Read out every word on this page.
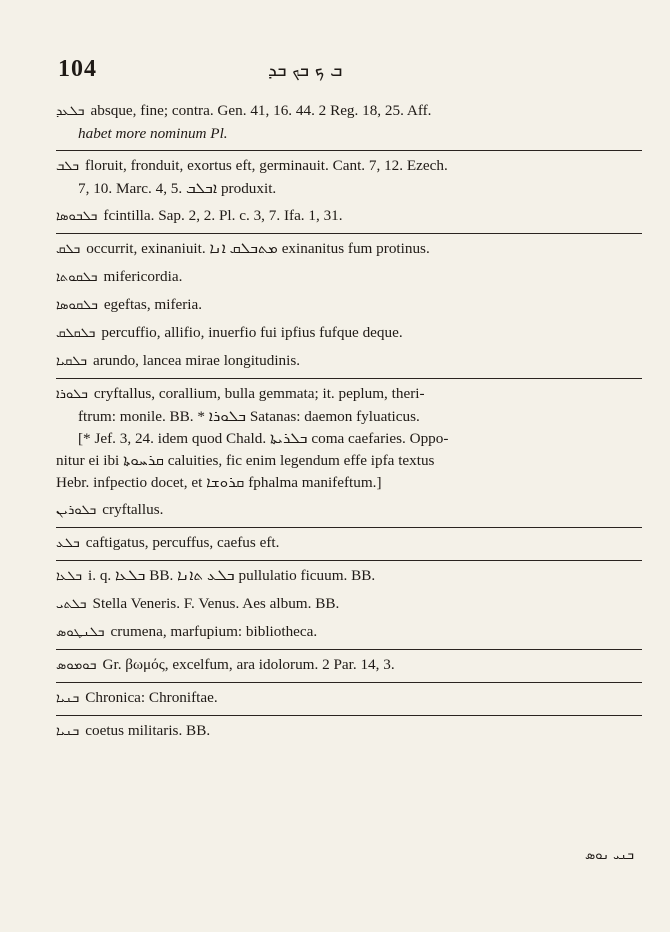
104	ܒ ܟ ܒܟ ܒܕ
ܒܠܥܕ absque, fine; contra. Gen. 41, 16. 44. 2 Reg. 18, 25. Aff.
habet more nominum Pl.
ܒܠܒ floruit, fronduit, exortus eft, germinauit. Cant. 7, 12. Ezech.
7, 10. Marc. 4, 5. ܐܒܠܒ produxit.
ܒܠܒܘܣܐ fcintilla. Sap. 2, 2. Pl. c. 3, 7. Ifa. 1, 31.
ܒܠܩ occurrit, exinaniuit. ܡܬܒܠܩ ܐܢܐ exinanitus fum protinus.
ܒܠܩܘܬܐ mifericordia.
ܒܠܩܘܣܐ egeftas, miferia.
ܒܠܩܠܩ percuffio, allifio, inuerfio fui ipfius fufque deque.
ܒܠܩܝܐ arundo, lancea mirae longitudinis.
ܒܠܘܪܐ cryftallus, corallium, bulla gemmata; it. peplum, theri-
ftrum: monile. BB. * ܒܠܘܪܐ Satanas: daemon fyluaticus.
[* Jef. 3, 24. idem quod Chald. ܒܠܪܝܬܐ coma caefaries. Oppo-
nitur ei ibi ܩܪܚܘܬܐ caluities, fic enim legendum effe ipfa textus
Hebr. infpectio docet, et ܩܪܘܫܐ fphalma manifeftum.]
ܒܠܘܪܝܢ cryftallus.
ܒܠܥ caftigatus, percuffus, caefus eft.
ܒܠܥܐ i. q. ܒܠܥܐ BB. ܒܠܥ ܬܐܢܐ pullulatio ficuum. BB.
ܒܠܬܝ Stella Veneris. F. Venus. Aes album. BB.
ܒܠܢܛܘܣ crumena, marfupium: bibliotheca.
ܒܘܡܘܣ Gr. βωμός, excelfum, ara idolorum. 2 Par. 14, 3.
ܒܢܝܐ Chronica: Chroniftae.
ܒܢܝܐ coetus militaris. BB.
ܒܢܝ ܢܘܣ
